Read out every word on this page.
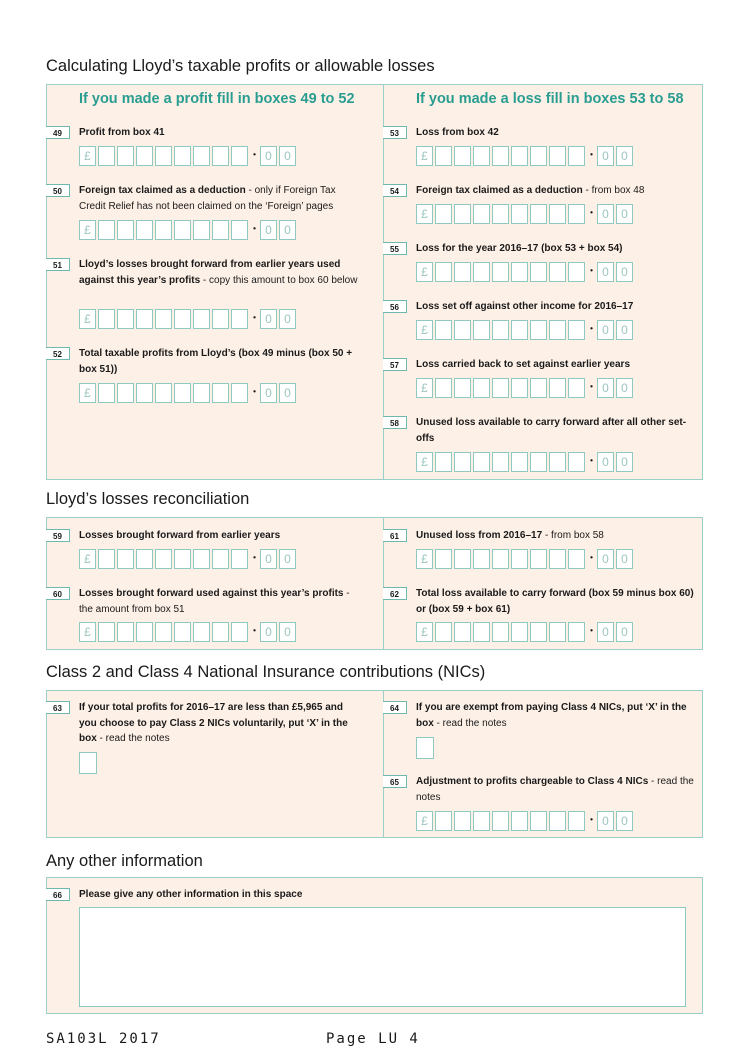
Calculating Lloyd’s taxable profits or allowable losses
If you made a profit fill in boxes 49 to 52	If you made a loss fill in boxes 53 to 58
Lloyd’s losses reconciliation
Class 2 and Class 4 National Insurance contributions (NICs)
Any other information
49	Profit from box 41
£	• 0	0
50	Foreign tax claimed as a deduction - only if Foreign Tax Credit Relief has not been claimed on the ‘Foreign’ pages
£	• 0	0
51	Lloyd’s losses brought forward from earlier years used against this year’s profits - copy this amount to box 60 below
£	• 0	0
52	Total taxable profits from Lloyd’s (box 49 minus (box 50 + box 51))
£	• 0	0
53	Loss from box 42
£	• 0	0
54	Foreign tax claimed as a deduction - from box 48
£	• 0	0
55	Loss for the year 2016–17 (box 53 + box 54)
£	• 0	0
56	Loss set off against other income for 2016–17
£	• 0	0
57	Loss carried back to set against earlier years
£	• 0	0
58	Unused loss available to carry forward after all other set-offs
£	• 0	0
59	Losses brought forward from earlier years
£	• 0	0
60	Losses brought forward used against this year’s profits - the amount from box 51
£	• 0	0
61	Unused loss from 2016–17 - from box 58
£	• 0	0
62	Total loss available to carry forward (box 59 minus box 60) or (box 59 + box 61)
£	• 0	0
63	If your total profits for 2016–17 are less than £5,965 and you choose to pay Class 2 NICs voluntarily, put ‘X’ in the box - read the notes
64	If you are exempt from paying Class 4 NICs, put ‘X’ in the box - read the notes
65	Adjustment to profits chargeable to Class 4 NICs - read the notes
£	• 0	0
66	Please give any other information in this space
SA103L 2017	Page LU 4
